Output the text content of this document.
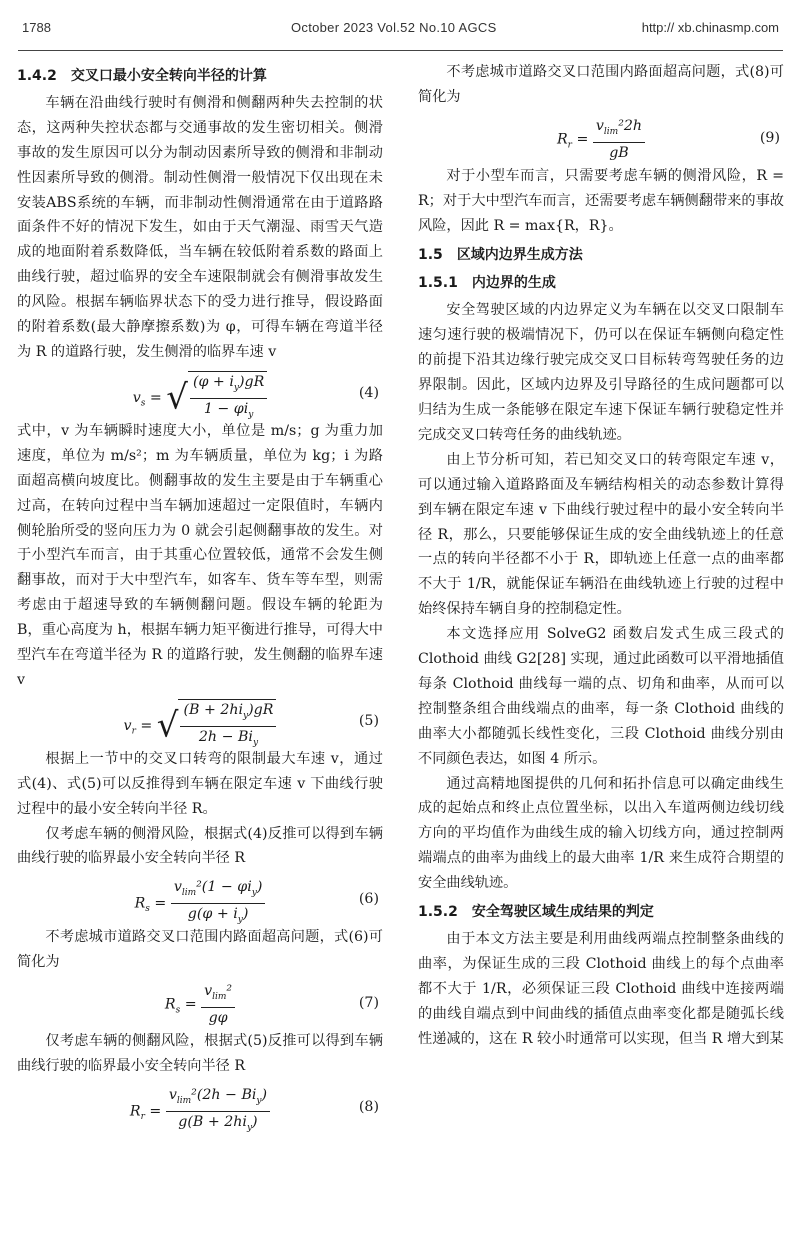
1788	October 2023 Vol.52 No.10 AGCS	http:// xb.chinasmp.com
1.4.2 交叉口最小安全转向半径的计算

车辆在沿曲线行驶时有侧滑和侧翻两种失去控制的状态，这两种失控状态都与交通事故的发生密切相关。侧滑事故的发生原因可以分为制动因素所导致的侧滑和非制动性因素所导致的侧滑。制动性侧滑一般情况下仅出现在未安装ABS系统的车辆，而非制动性侧滑通常在由于道路路面条件不好的情况下发生，如由于天气潮湿、雨雪天气造成的地面附着系数降低，当车辆在较低附着系数的路面上曲线行驶，超过临界的安全车速限制就会有侧滑事故发生的风险。根据车辆临界状态下的受力进行推导，假设路面的附着系数(最大静摩擦系数)为 φ，可得车辆在弯道半径为 R 的道路行驶，发生侧滑的临界车速 v

$v_s$ = √ $\frac{(\varphi + i_y)gR}{1 - \varphi i_y}$	(4)

式中，v 为车辆瞬时速度大小，单位是 m/s；g 为重力加速度，单位为 m/s²；m 为车辆质量，单位为 kg；i 为路面超高横向坡度比。侧翻事故的发生主要是由于车辆重心过高，在转向过程中当车辆加速超过一定限值时，车辆内侧轮胎所受的竖向压力为 0 就会引起侧翻事故的发生。对于小型汽车而言，由于其重心位置较低，通常不会发生侧翻事故，而对于大中型汽车，如客车、货车等车型，则需考虑由于超速导致的车辆侧翻问题。假设车辆的轮距为 B，重心高度为 h，根据车辆力矩平衡进行推导，可得大中型汽车在弯道半径为 R 的道路行驶，发生侧翻的临界车速 v

$v_r$ = √ $\frac{(B + 2hi_y)gR}{2h - Bi_y}$	(5)

根据上一节中的交叉口转弯的限制最大车速 v，通过式(4)、式(5)可以反推得到车辆在限定车速 v 下曲线行驶过程中的最小安全转向半径 R。

仅考虑车辆的侧滑风险，根据式(4)反推可以得到车辆曲线行驶的临界最小安全转向半径 R

$R_s = \frac{v_{lim}^2(1 - \varphi i_y)}{g(\varphi + i_y)}$	(6)

不考虑城市道路交叉口范围内路面超高问题，式(6)可简化为

$R_s = \frac{v_{lim}^2}{g\varphi}$	(7)

仅考虑车辆的侧翻风险，根据式(5)反推可以得到车辆曲线行驶的临界最小安全转向半径 R

$R_r = \frac{v_{lim}^2(2h - Bi_y)}{g(B + 2hi_y)}$	(8)

不考虑城市道路交叉口范围内路面超高问题，式(8)可简化为

$R_r = \frac{v_{lim}^22h}{gB}$	(9)

对于小型车而言，只需要考虑车辆的侧滑风险，R = R；对于大中型汽车而言，还需要考虑车辆侧翻带来的事故风险，因此 R = max{R，R}。

1.5 区域内边界生成方法
1.5.1 内边界的生成

安全驾驶区域的内边界定义为车辆在以交叉口限制车速匀速行驶的极端情况下，仍可以在保证车辆侧向稳定性的前提下沿其边缘行驶完成交叉口目标转弯驾驶任务的边界限制。因此，区域内边界及引导路径的生成问题都可以归结为生成一条能够在限定车速下保证车辆行驶稳定性并完成交叉口转弯任务的曲线轨迹。

由上节分析可知，若已知交叉口的转弯限定车速 v，可以通过输入道路路面及车辆结构相关的动态参数计算得到车辆在限定车速 v 下曲线行驶过程中的最小安全转向半径 R，那么，只要能够保证生成的安全曲线轨迹上的任意一点的转向半径都不小于 R，即轨迹上任意一点的曲率都不大于 1/R，就能保证车辆沿在曲线轨迹上行驶的过程中始终保持车辆自身的控制稳定性。

本文选择应用 SolveG2 函数启发式生成三段式的 Clothoid 曲线 G2[28] 实现，通过此函数可以平滑地插值每条 Clothoid 曲线每一端的点、切角和曲率，从而可以控制整条组合曲线端点的曲率，每一条 Clothoid 曲线的曲率大小都随弧长线性变化，三段 Clothoid 曲线分别由不同颜色表达，如图 4 所示。

通过高精地图提供的几何和拓扑信息可以确定曲线生成的起始点和终止点位置坐标，以出入车道两侧边线切线方向的平均值作为曲线生成的输入切线方向，通过控制两端端点的曲率为曲线上的最大曲率 1/R 来生成符合期望的安全曲线轨迹。

1.5.2 安全驾驶区域生成结果的判定

由于本文方法主要是利用曲线两端点控制整条曲线的曲率，为保证生成的三段 Clothoid 曲线上的每个点曲率都不大于 1/R，必须保证三段 Clothoid 曲线中连接两端的曲线自端点到中间曲线的插值点曲率变化都是随弧长线性递减的，这在 R 较小时通常可以实现，但当 R 增大到某
